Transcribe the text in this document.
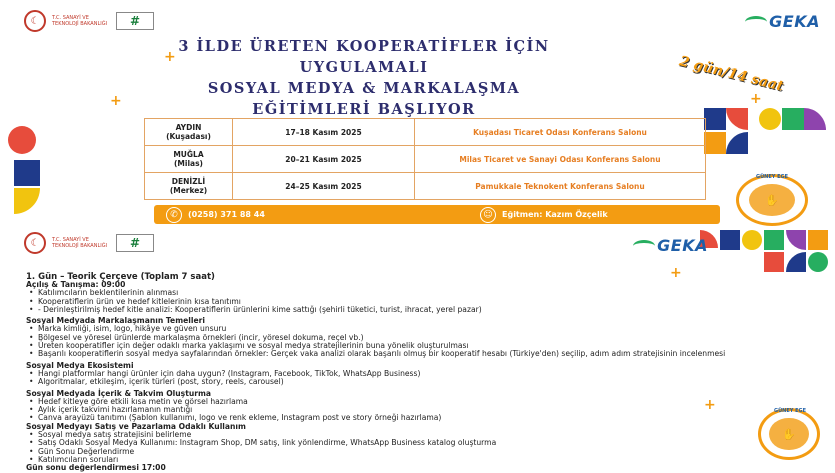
☾	T.C. SANAYİ VE TEKNOLOJİ BAKANLIĞI	#	GEKA
3 İLDE ÜRETEN KOOPERATİFLER İÇİN
UYGULAMALI
SOSYAL MEDYA & MARKALAŞMA
EĞİTİMLERİ BAŞLIYOR
2 gün/14 saat
+	+
+
AYDIN
(Kuşadası)	17–18 Kasım 2025	Kuşadası Ticaret Odası Konferans Salonu

MUĞLA
(Milas)	20–21 Kasım 2025	Milas Ticaret ve Sanayi Odası Konferans Salonu

DENİZLİ
(Merkez)	24–25 Kasım 2025	Pamukkale Teknokent Konferans Salonu
✆	(0258) 371 88 44	☺	Eğitmen: Kazım Özçelik
✋
GÜNEY EGE
☾	T.C. SANAYİ VE TEKNOLOJİ BAKANLIĞI	#	GEKA
+
+
1. Gün – Teorik Çerçeve (Toplam 7 saat)
Açılış & Tanışma: 09:00
• Katılımcıların beklentilerinin alınması
• Kooperatiflerin ürün ve hedef kitlelerinin kısa tanıtımı
• - Derinleştirilmiş hedef kitle analizi: Kooperatiflerin ürünlerini kime sattığı (şehirli tüketici, turist, ihracat, yerel pazar)
Sosyal Medyada Markalaşmanın Temelleri
• Marka kimliği, isim, logo, hikâye ve güven unsuru
• Bölgesel ve yöresel ürünlerde markalaşma örnekleri (incir, yöresel dokuma, reçel vb.)
• Üreten kooperatifler için değer odaklı marka yaklaşımı ve sosyal medya stratejilerinin buna yönelik oluşturulması
• Başarılı kooperatiflerin sosyal medya sayfalarından örnekler: Gerçek vaka analizi olarak başarılı olmuş bir kooperatif hesabı (Türkiye'den) seçilip, adım adım stratejisinin incelenmesi
Sosyal Medya Ekosistemi
• Hangi platformlar hangi ürünler için daha uygun? (Instagram, Facebook, TikTok, WhatsApp Business)
• Algoritmalar, etkileşim, içerik türleri (post, story, reels, carousel)
Sosyal Medyada İçerik & Takvim Oluşturma
• Hedef kitleye göre etkili kısa metin ve görsel hazırlama
• Aylık içerik takvimi hazırlamanın mantığı
• Canva arayüzü tanıtımı (Şablon kullanımı, logo ve renk ekleme, Instagram post ve story örneği hazırlama)
Sosyal Medyayı Satış ve Pazarlama Odaklı Kullanım
• Sosyal medya satış stratejisini belirleme
• Satış Odaklı Sosyal Medya Kullanımı: Instagram Shop, DM satış, link yönlendirme, WhatsApp Business katalog oluşturma
• Gün Sonu Değerlendirme
• Katılımcıların soruları
Gün sonu değerlendirmesi 17:00
✋
GÜNEY EGE
